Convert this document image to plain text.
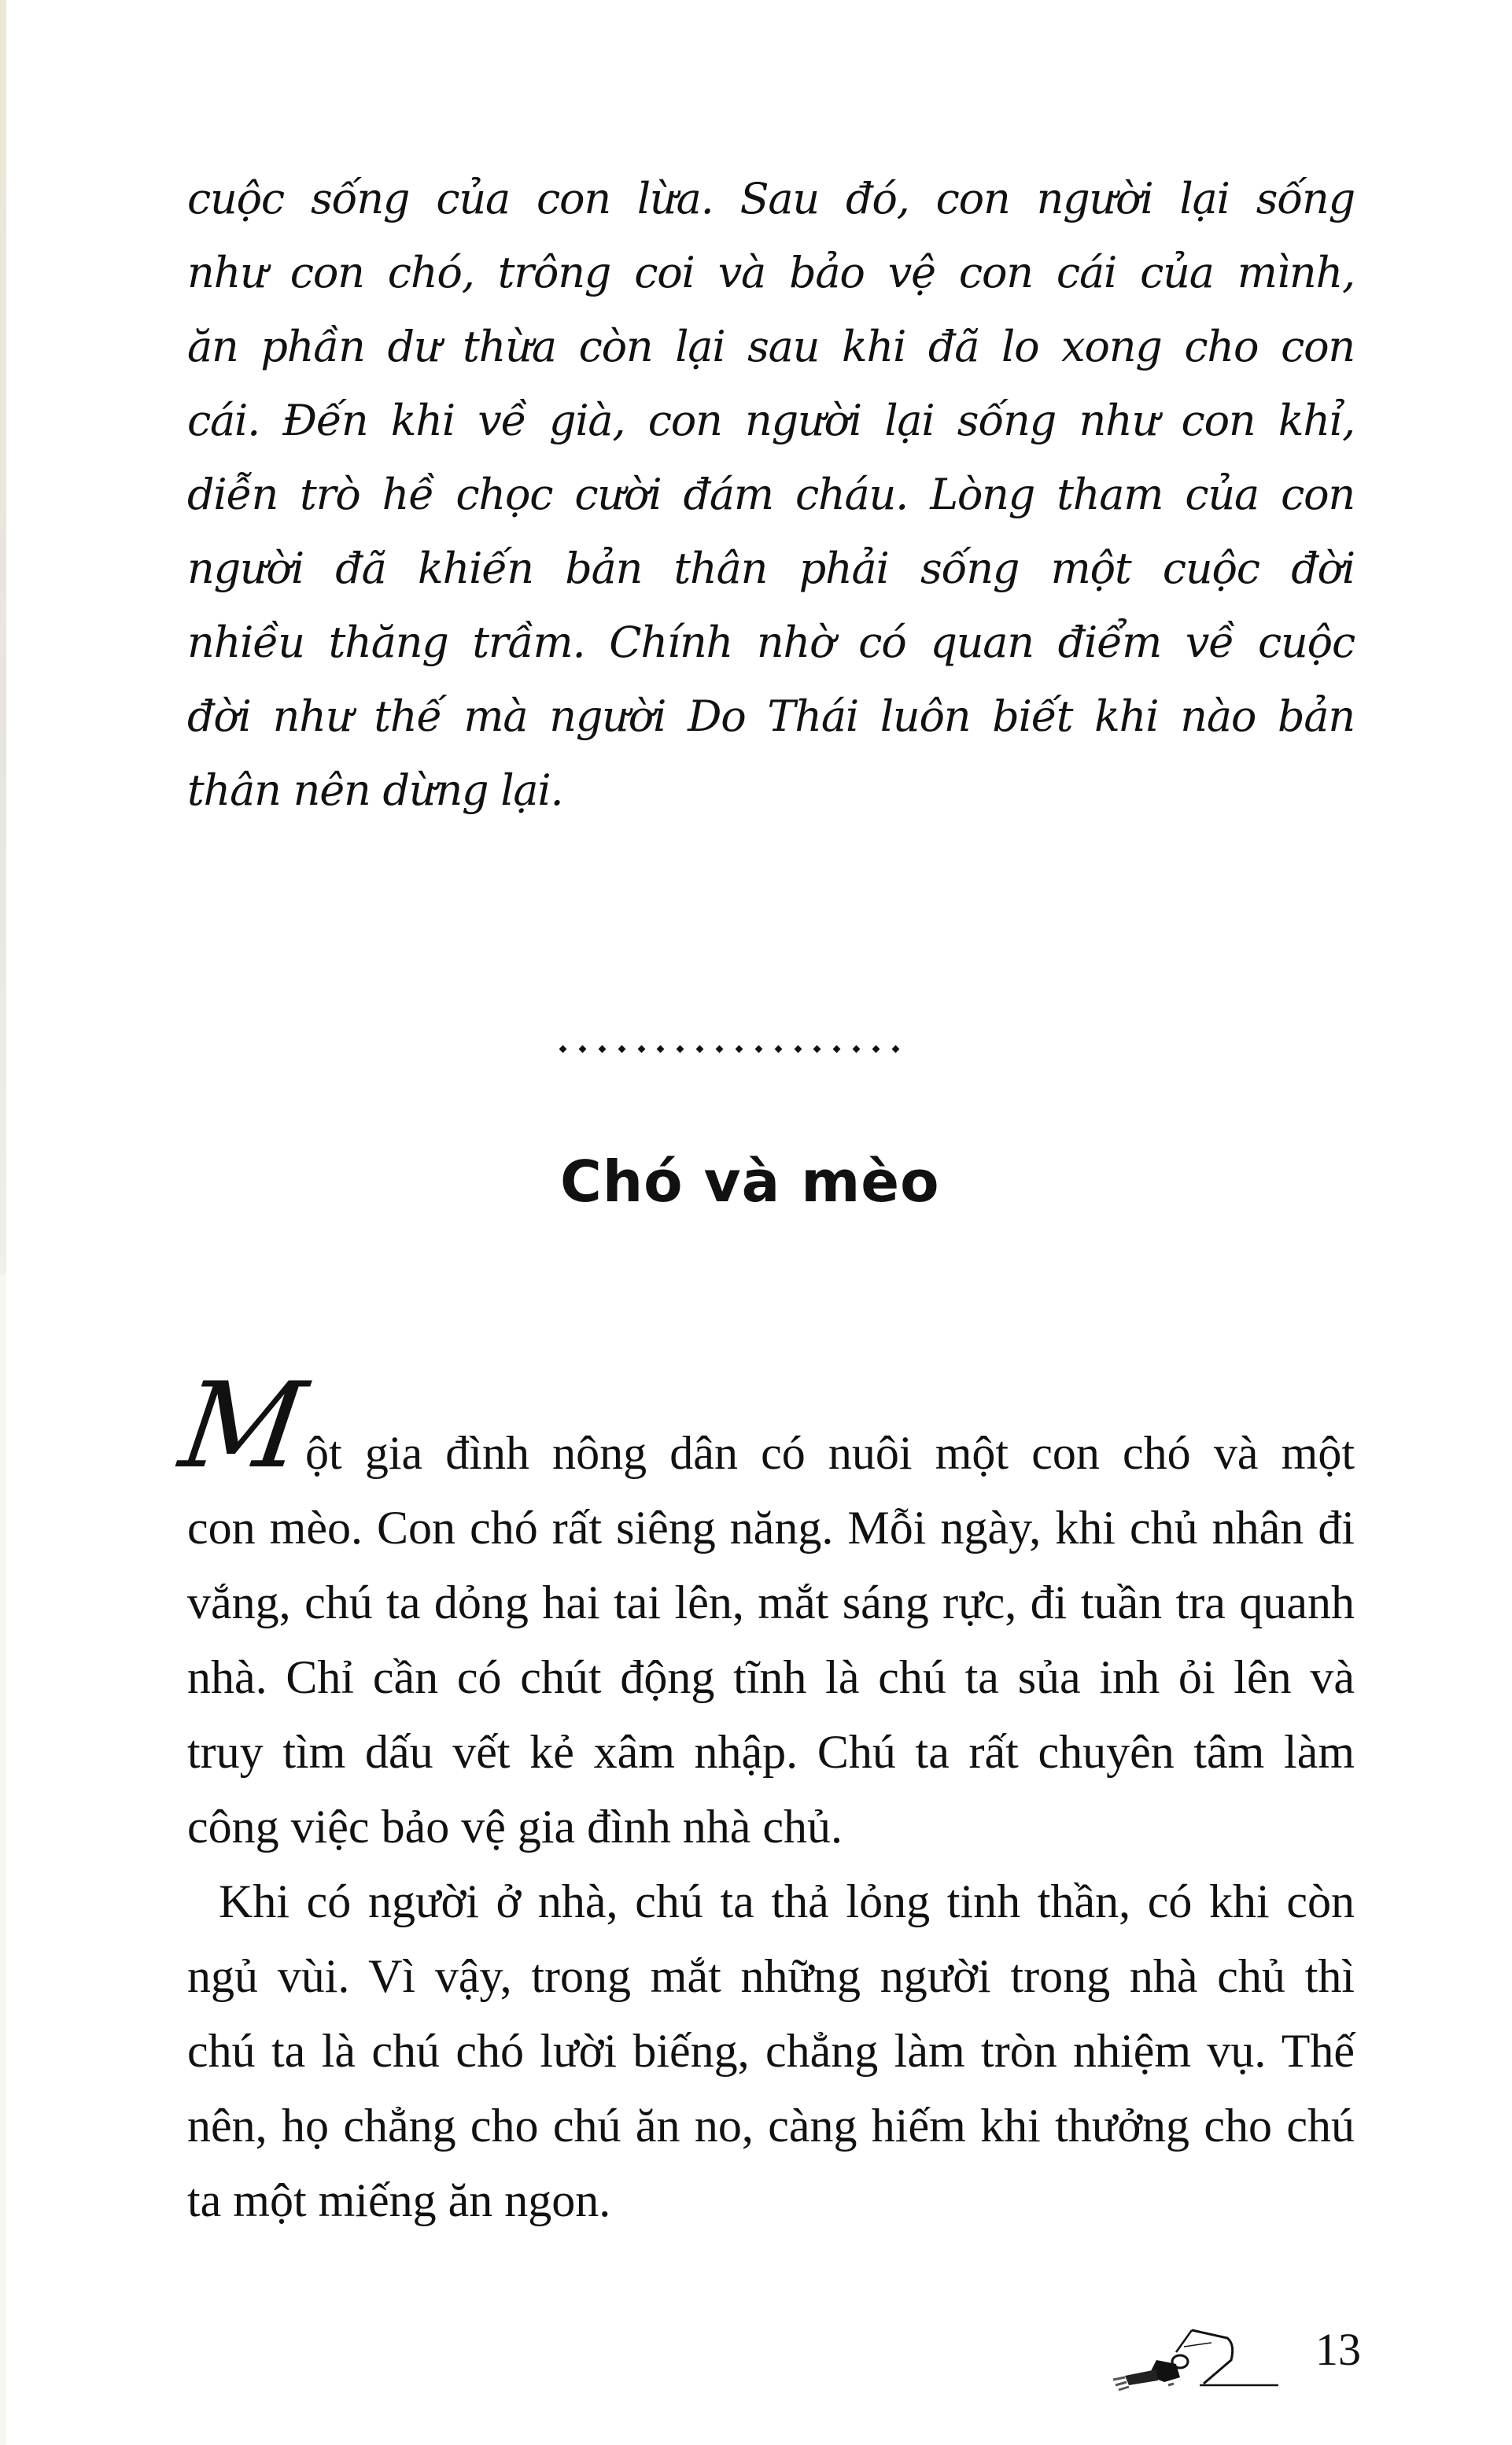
cuộc sống của con lừa. Sau đó, con người lại sống
như con chó, trông coi và bảo vệ con cái của mình,
ăn phần dư thừa còn lại sau khi đã lo xong cho con
cái. Đến khi về già, con người lại sống như con khỉ,
diễn trò hề chọc cười đám cháu. Lòng tham của con
người đã khiến bản thân phải sống một cuộc đời
nhiều thăng trầm. Chính nhờ có quan điểm về cuộc
đời như thế mà người Do Thái luôn biết khi nào bản
thân nên dừng lại.
Chó và mèo
M
ột gia đình nông dân có nuôi một con chó và một
con mèo. Con chó rất siêng năng. Mỗi ngày, khi chủ nhân đi
vắng, chú ta dỏng hai tai lên, mắt sáng rực, đi tuần tra quanh
nhà. Chỉ cần có chút động tĩnh là chú ta sủa inh ỏi lên và
truy tìm dấu vết kẻ xâm nhập. Chú ta rất chuyên tâm làm
công việc bảo vệ gia đình nhà chủ.
Khi có người ở nhà, chú ta thả lỏng tinh thần, có khi còn
ngủ vùi. Vì vậy, trong mắt những người trong nhà chủ thì
chú ta là chú chó lười biếng, chẳng làm tròn nhiệm vụ. Thế
nên, họ chẳng cho chú ăn no, càng hiếm khi thưởng cho chú
ta một miếng ăn ngon.
13
